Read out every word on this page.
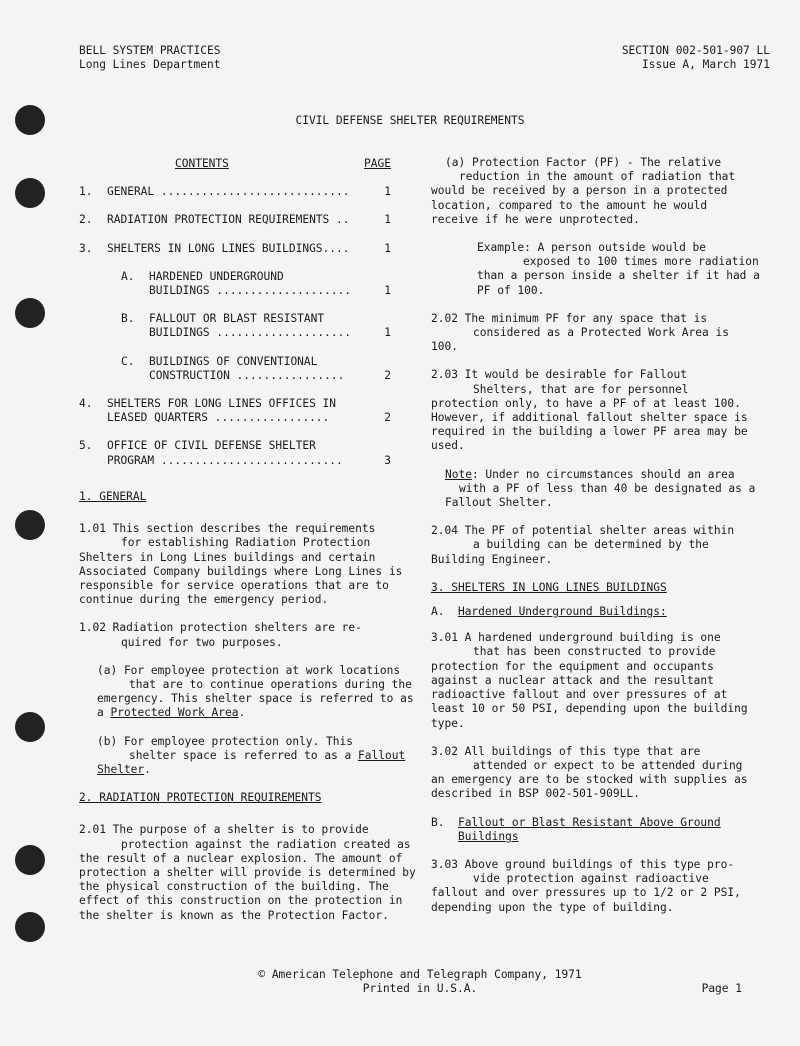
BELL SYSTEM PRACTICES
Long Lines Department
SECTION 002-501-907 LL
Issue A, March 1971
CIVIL DEFENSE SHELTER REQUIREMENTS
CONTENTS	PAGE
1.	GENERAL ............................	1
2.	RADIATION PROTECTION REQUIREMENTS ..	1
3.	SHELTERS IN LONG LINES BUILDINGS....	1
A.	HARDENED UNDERGROUND
BUILDINGS ....................	1
B.	FALLOUT OR BLAST RESISTANT
BUILDINGS ....................	1
C.	BUILDINGS OF CONVENTIONAL
CONSTRUCTION ................	2
4.	SHELTERS FOR LONG LINES OFFICES IN
LEASED QUARTERS .................	2
5.	OFFICE OF CIVIL DEFENSE SHELTER
PROGRAM ...........................	3

1. GENERAL

1.01 This section describes the requirements

for establishing Radiation Protection Shelters in Long Lines buildings and certain Associated Company buildings where Long Lines is responsible for service operations that are to continue during the emergency period.

1.02 Radiation protection shelters are re-

quired for two purposes.

(a) For employee protection at work locations

that are to continue operations during the emergency. This shelter space is referred to as a Protected Work Area.

(b) For employee protection only. This

shelter space is referred to as a Fallout Shelter.

2. RADIATION PROTECTION REQUIREMENTS

2.01 The purpose of a shelter is to provide

protection against the radiation created as the result of a nuclear explosion. The amount of protection a shelter will provide is determined by the physical construction of the building. The effect of this construction on the protection in the shelter is known as the Protection Factor.

(a) Protection Factor (PF) - The relative

reduction in the amount of radiation that would be received by a person in a protected location, compared to the amount he would receive if he were unprotected.

Example: A person outside would be

exposed to 100 times more radiation than a person inside a shelter if it had a PF of 100.

2.02 The minimum PF for any space that is

considered as a Protected Work Area is 100.

2.03 It would be desirable for Fallout

Shelters, that are for personnel protection only, to have a PF of at least 100. However, if additional fallout shelter space is required in the building a lower PF area may be used.

Note: Under no circumstances should an area

with a PF of less than 40 be designated as a Fallout Shelter.

2.04 The PF of potential shelter areas within

a building can be determined by the Building Engineer.

3. SHELTERS IN LONG LINES BUILDINGS

A.  Hardened Underground Buildings:

3.01 A hardened underground building is one

that has been constructed to provide protection for the equipment and occupants against a nuclear attack and the resultant radioactive fallout and over pressures of at least 10 or 50 PSI, depending upon the building type.

3.02 All buildings of this type that are

attended or expect to be attended during an emergency are to be stocked with supplies as described in BSP 002-501-909LL.

B. Fallout or Blast Resistant Above Ground Buildings

3.03 Above ground buildings of this type pro-

vide protection against radioactive fallout and over pressures up to 1/2 or 2 PSI, depending upon the type of building.

© American Telephone and Telegraph Company, 1971
Printed in U.S.A.	Page 1
